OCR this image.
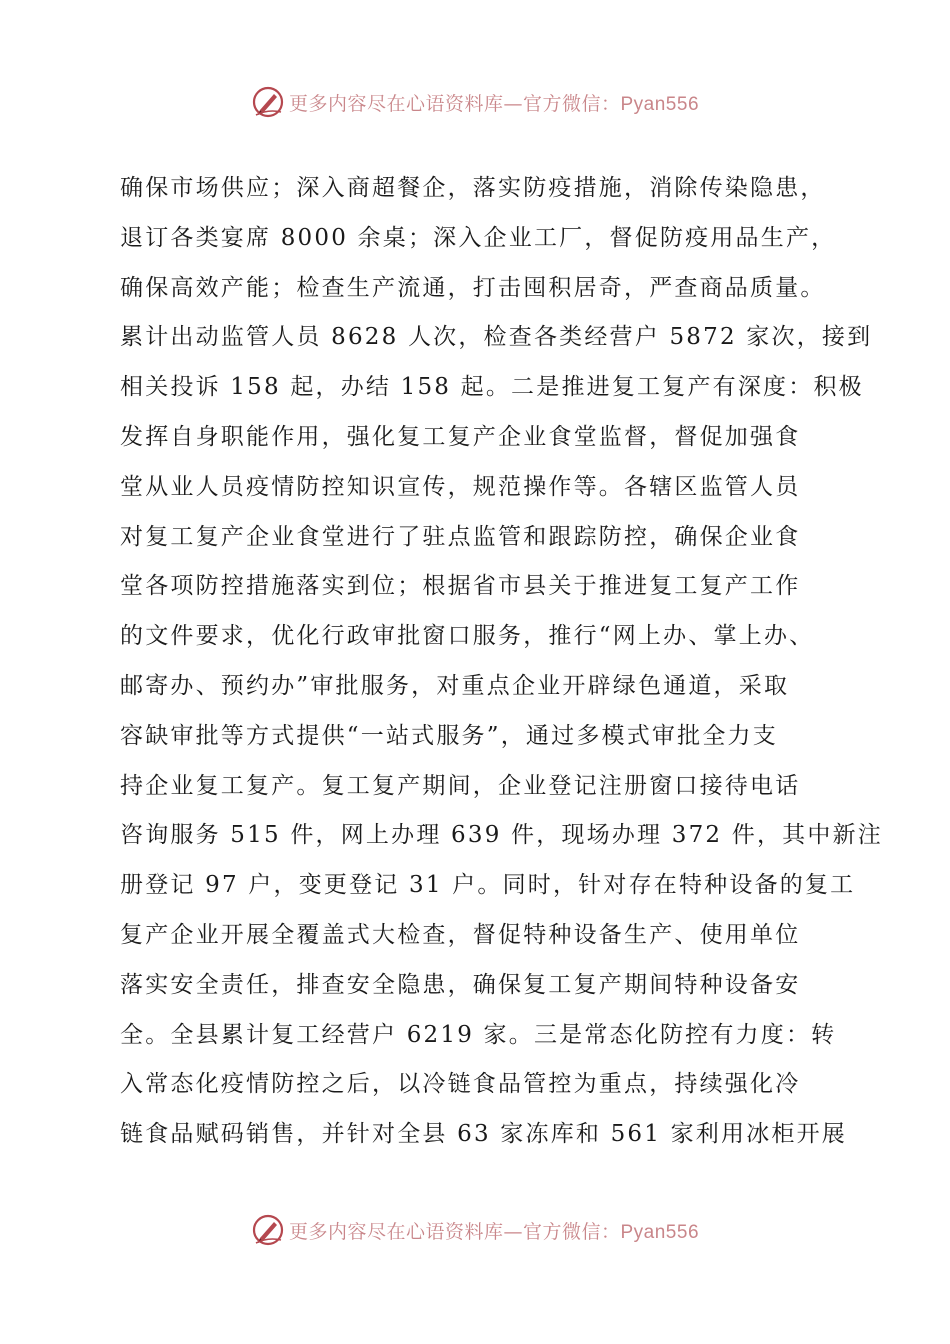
更多内容尽在心语资料库—官方微信：Pyan556
确保市场供应；深入商超餐企，落实防疫措施，消除传染隐患，
退订各类宴席 8000 余桌；深入企业工厂，督促防疫用品生产，
确保高效产能；检查生产流通，打击囤积居奇，严查商品质量。
累计出动监管人员 8628 人次，检查各类经营户 5872 家次，接到
相关投诉 158 起，办结 158 起。二是推进复工复产有深度：积极
发挥自身职能作用，强化复工复产企业食堂监督，督促加强食
堂从业人员疫情防控知识宣传，规范操作等。各辖区监管人员
对复工复产企业食堂进行了驻点监管和跟踪防控，确保企业食
堂各项防控措施落实到位；根据省市县关于推进复工复产工作
的文件要求，优化行政审批窗口服务，推行“网上办、掌上办、
邮寄办、预约办”审批服务，对重点企业开辟绿色通道，采取
容缺审批等方式提供“一站式服务”，通过多模式审批全力支
持企业复工复产。复工复产期间，企业登记注册窗口接待电话
咨询服务 515 件，网上办理 639 件，现场办理 372 件，其中新注
册登记 97 户，变更登记 31 户。同时，针对存在特种设备的复工
复产企业开展全覆盖式大检查，督促特种设备生产、使用单位
落实安全责任，排查安全隐患，确保复工复产期间特种设备安
全。全县累计复工经营户 6219 家。三是常态化防控有力度：转
入常态化疫情防控之后，以冷链食品管控为重点，持续强化冷
链食品赋码销售，并针对全县 63 家冻库和 561 家利用冰柜开展
更多内容尽在心语资料库—官方微信：Pyan556
